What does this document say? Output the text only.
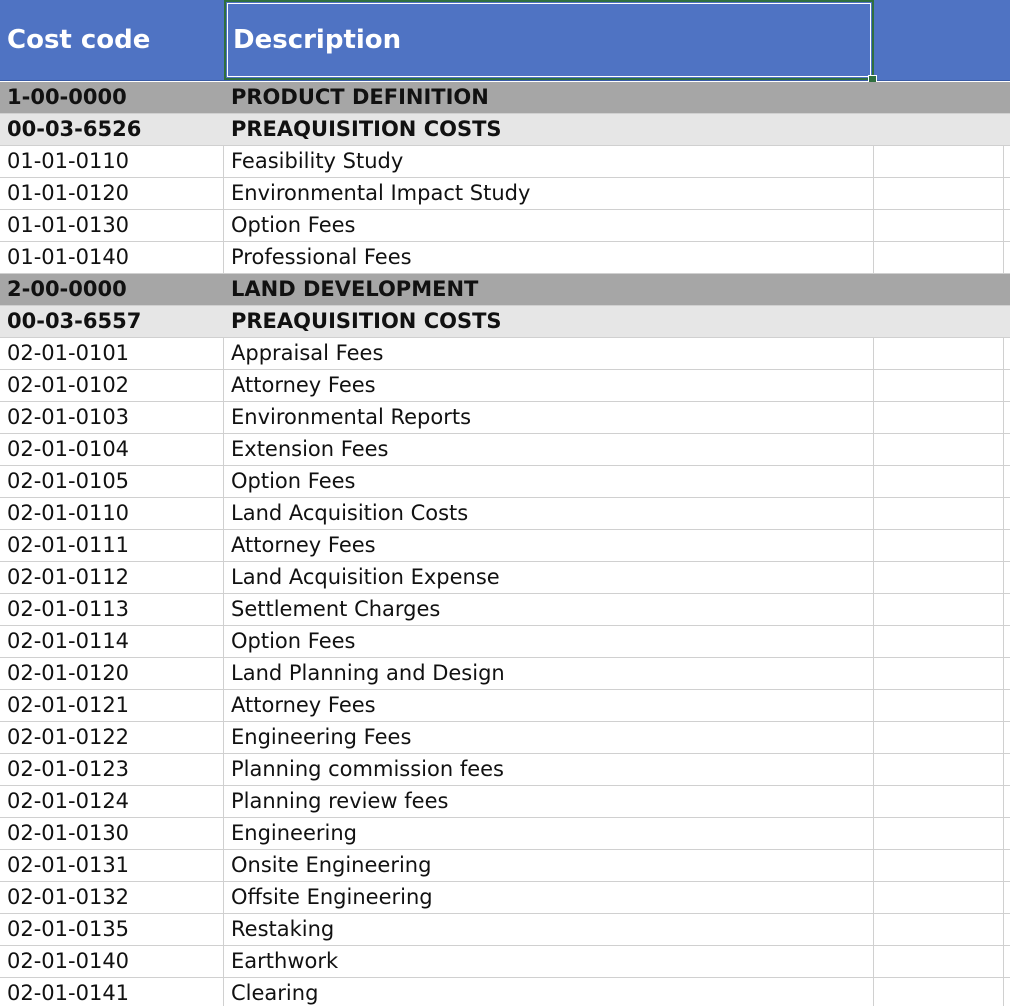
Cost code	Description
1-00-0000	PRODUCT DEFINITION
00-03-6526	PREAQUISITION COSTS
01-01-0110	Feasibility Study
01-01-0120	Environmental Impact Study
01-01-0130	Option Fees
01-01-0140	Professional Fees
2-00-0000	LAND DEVELOPMENT
00-03-6557	PREAQUISITION COSTS
02-01-0101	Appraisal Fees
02-01-0102	Attorney Fees
02-01-0103	Environmental Reports
02-01-0104	Extension Fees
02-01-0105	Option Fees
02-01-0110	Land Acquisition Costs
02-01-0111	Attorney Fees
02-01-0112	Land Acquisition Expense
02-01-0113	Settlement Charges
02-01-0114	Option Fees
02-01-0120	Land Planning and Design
02-01-0121	Attorney Fees
02-01-0122	Engineering Fees
02-01-0123	Planning commission fees
02-01-0124	Planning review fees
02-01-0130	Engineering
02-01-0131	Onsite Engineering
02-01-0132	Offsite Engineering
02-01-0135	Restaking
02-01-0140	Earthwork
02-01-0141	Clearing
